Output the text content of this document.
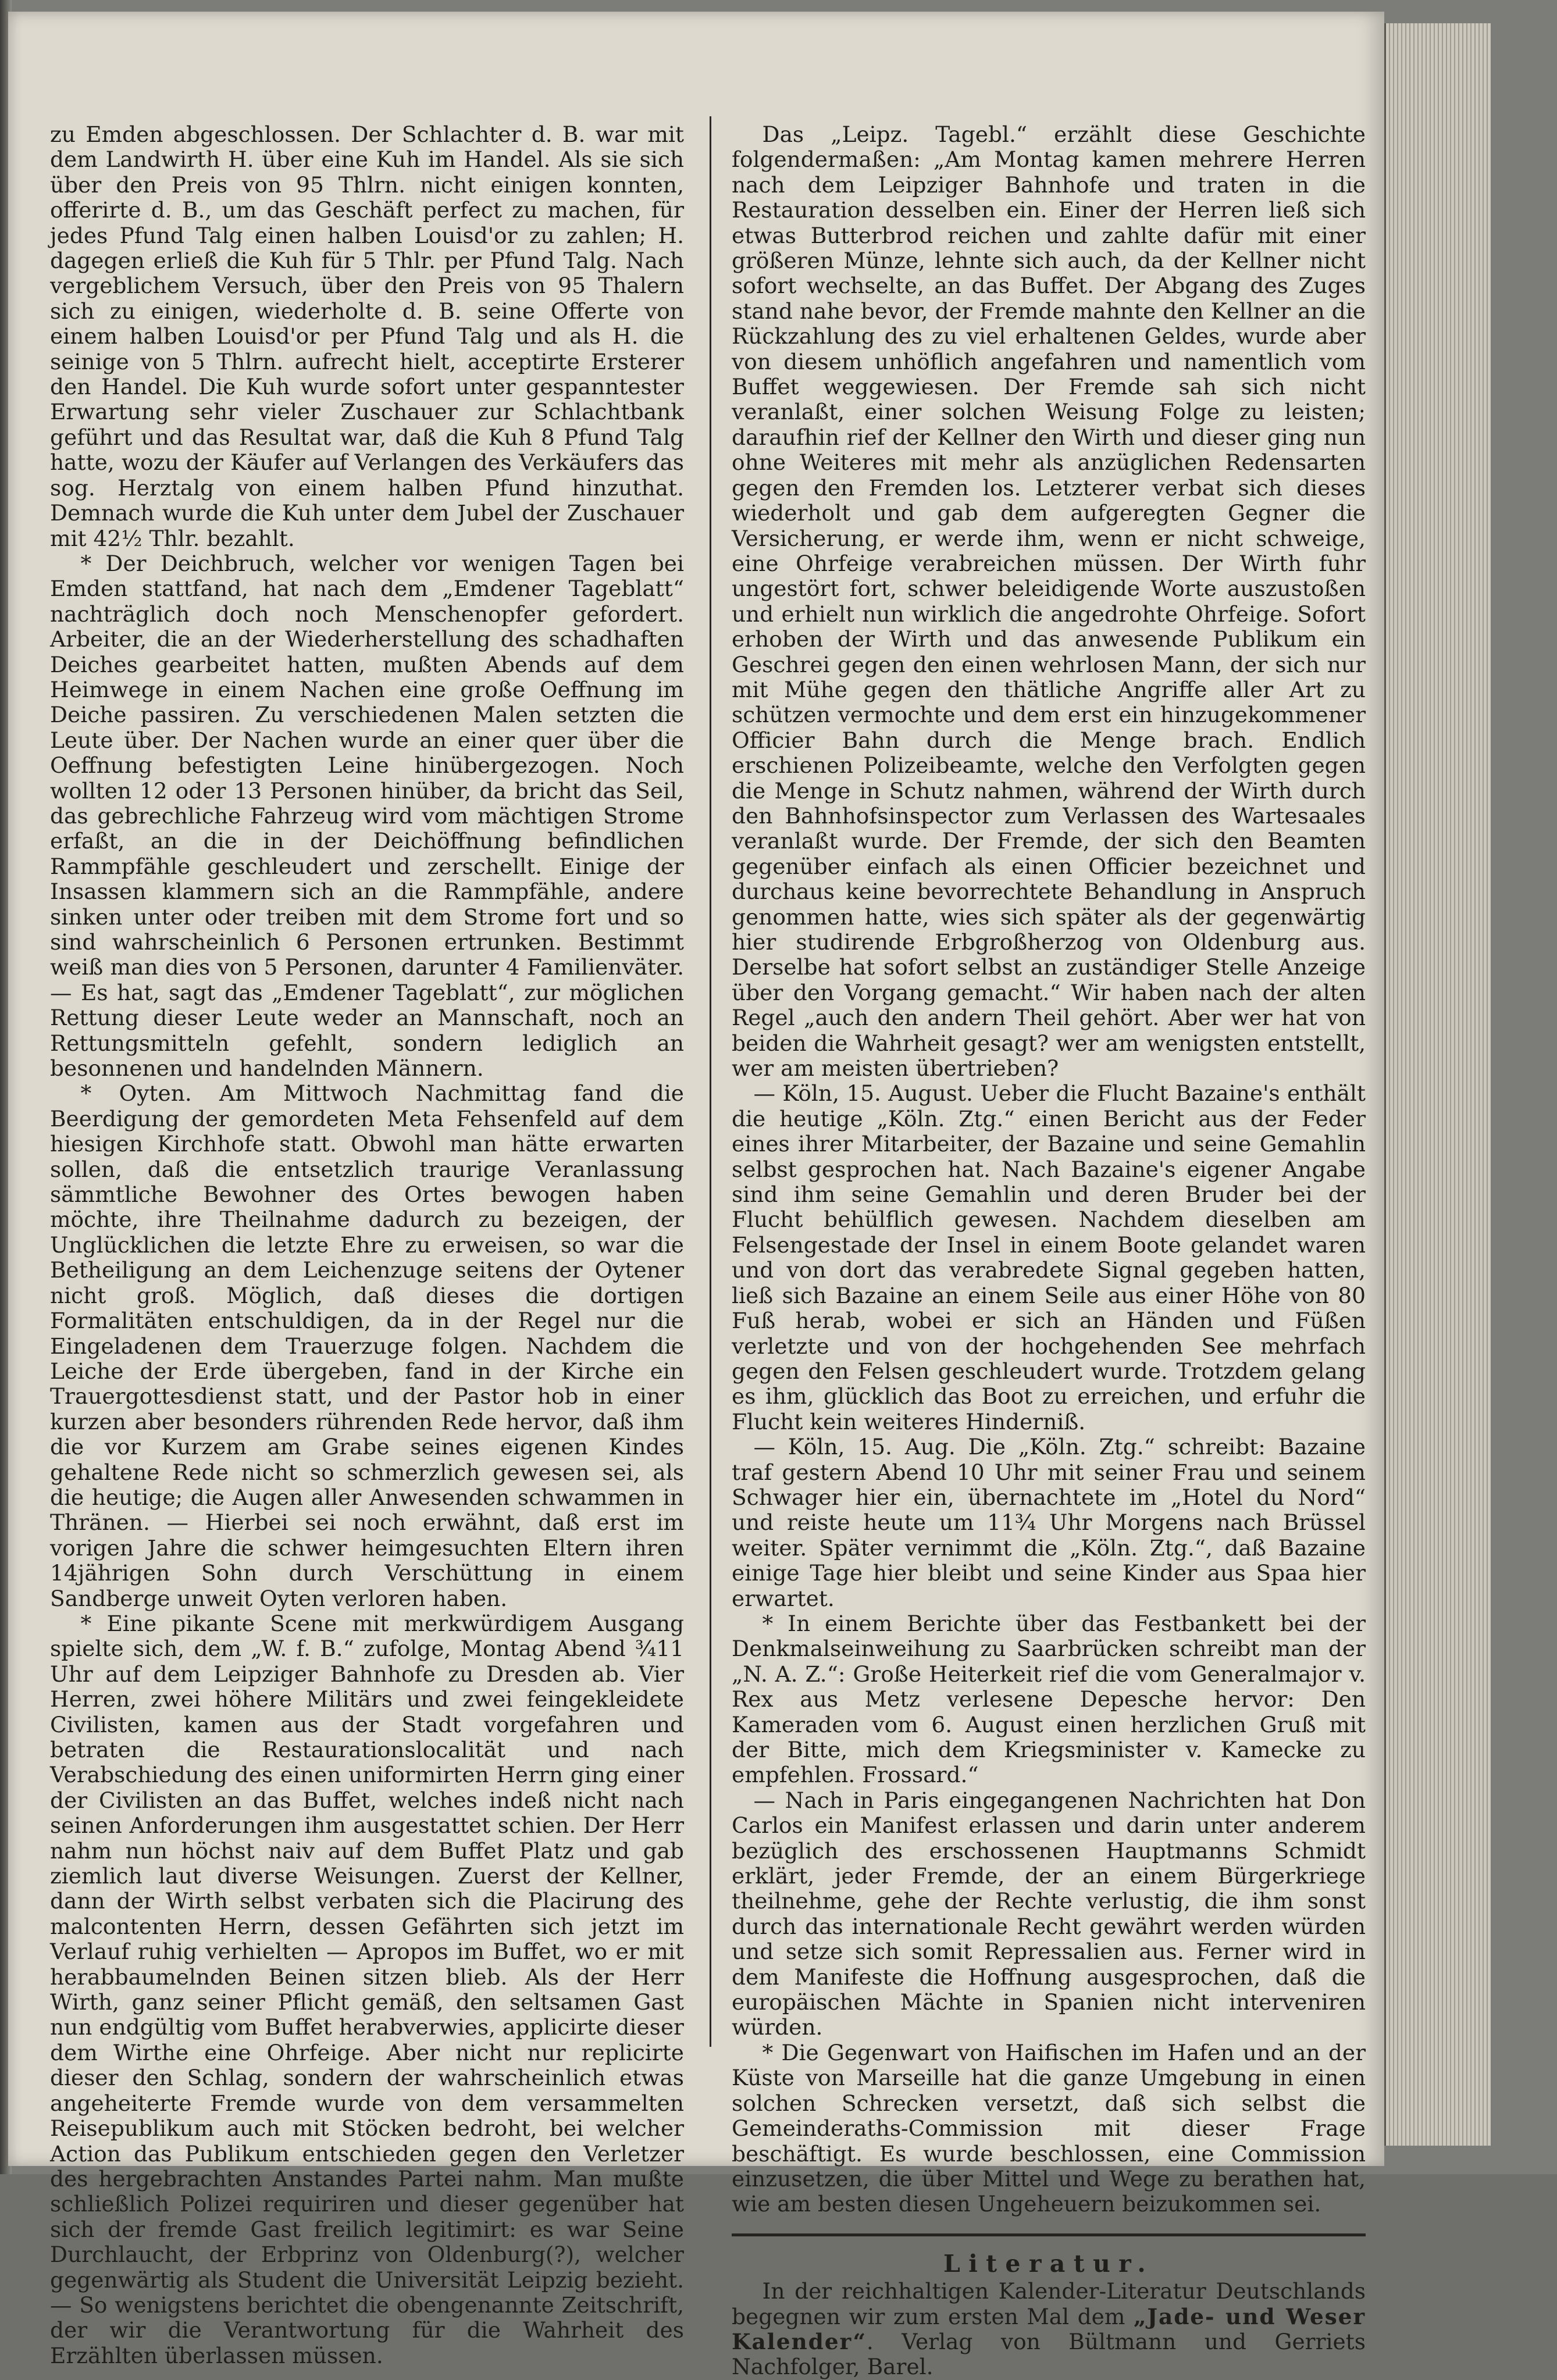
zu Emden abgeschlossen. Der Schlachter d. B. war mit dem Landwirth H. über eine Kuh im Handel. Als sie sich über den Preis von 95 Thlrn. nicht einigen konnten, offerirte d. B., um das Geschäft perfect zu machen, für jedes Pfund Talg einen halben Louisd'or zu zahlen; H. dagegen erließ die Kuh für 5 Thlr. per Pfund Talg. Nach vergeblichem Versuch, über den Preis von 95 Thalern sich zu einigen, wiederholte d. B. seine Offerte von einem halben Louisd'or per Pfund Talg und als H. die seinige von 5 Thlrn. aufrecht hielt, acceptirte Ersterer den Handel. Die Kuh wurde sofort unter gespanntester Erwartung sehr vieler Zuschauer zur Schlachtbank geführt und das Resultat war, daß die Kuh 8 Pfund Talg hatte, wozu der Käufer auf Verlangen des Verkäufers das sog. Herztalg von einem halben Pfund hinzuthat. Demnach wurde die Kuh unter dem Jubel der Zuschauer mit 42½ Thlr. bezahlt.

* Der Deichbruch, welcher vor wenigen Tagen bei Emden stattfand, hat nach dem „Emdener Tageblatt“ nachträglich doch noch Menschenopfer gefordert. Arbeiter, die an der Wiederherstellung des schadhaften Deiches gearbeitet hatten, mußten Abends auf dem Heimwege in einem Nachen eine große Oeffnung im Deiche passiren. Zu verschiedenen Malen setzten die Leute über. Der Nachen wurde an einer quer über die Oeffnung befestigten Leine hinübergezogen. Noch wollten 12 oder 13 Personen hinüber, da bricht das Seil, das gebrechliche Fahrzeug wird vom mächtigen Strome erfaßt, an die in der Deichöffnung befindlichen Rammpfähle geschleudert und zerschellt. Einige der Insassen klammern sich an die Rammpfähle, andere sinken unter oder treiben mit dem Strome fort und so sind wahrscheinlich 6 Personen ertrunken. Bestimmt weiß man dies von 5 Personen, darunter 4 Familienväter. — Es hat, sagt das „Emdener Tageblatt“, zur möglichen Rettung dieser Leute weder an Mannschaft, noch an Rettungsmitteln gefehlt, sondern lediglich an besonnenen und handelnden Männern.

* Oyten. Am Mittwoch Nachmittag fand die Beerdigung der gemordeten Meta Fehsenfeld auf dem hiesigen Kirchhofe statt. Obwohl man hätte erwarten sollen, daß die entsetzlich traurige Veranlassung sämmtliche Bewohner des Ortes bewogen haben möchte, ihre Theilnahme dadurch zu bezeigen, der Unglücklichen die letzte Ehre zu erweisen, so war die Betheiligung an dem Leichenzuge seitens der Oytener nicht groß. Möglich, daß dieses die dortigen Formalitäten entschuldigen, da in der Regel nur die Eingeladenen dem Trauerzuge folgen. Nachdem die Leiche der Erde übergeben, fand in der Kirche ein Trauergottesdienst statt, und der Pastor hob in einer kurzen aber besonders rührenden Rede hervor, daß ihm die vor Kurzem am Grabe seines eigenen Kindes gehaltene Rede nicht so schmerzlich gewesen sei, als die heutige; die Augen aller Anwesenden schwammen in Thränen. — Hierbei sei noch erwähnt, daß erst im vorigen Jahre die schwer heimgesuchten Eltern ihren 14jährigen Sohn durch Verschüttung in einem Sandberge unweit Oyten verloren haben.

* Eine pikante Scene mit merkwürdigem Ausgang spielte sich, dem „W. f. B.“ zufolge, Montag Abend ¾11 Uhr auf dem Leipziger Bahnhofe zu Dresden ab. Vier Herren, zwei höhere Militärs und zwei feingekleidete Civilisten, kamen aus der Stadt vorgefahren und betraten die Restaurationslocalität und nach Verabschiedung des einen uniformirten Herrn ging einer der Civilisten an das Buffet, welches indeß nicht nach seinen Anforderungen ihm ausgestattet schien. Der Herr nahm nun höchst naiv auf dem Buffet Platz und gab ziemlich laut diverse Weisungen. Zuerst der Kellner, dann der Wirth selbst verbaten sich die Placirung des malcontenten Herrn, dessen Gefährten sich jetzt im Verlauf ruhig verhielten — Apropos im Buffet, wo er mit herabbaumelnden Beinen sitzen blieb. Als der Herr Wirth, ganz seiner Pflicht gemäß, den seltsamen Gast nun endgültig vom Buffet herabverwies, applicirte dieser dem Wirthe eine Ohrfeige. Aber nicht nur replicirte dieser den Schlag, sondern der wahrscheinlich etwas angeheiterte Fremde wurde von dem versammelten Reisepublikum auch mit Stöcken bedroht, bei welcher Action das Publikum entschieden gegen den Verletzer des hergebrachten Anstandes Partei nahm. Man mußte schließlich Polizei requiriren und dieser gegenüber hat sich der fremde Gast freilich legitimirt: es war Seine Durchlaucht, der Erbprinz von Oldenburg(?), welcher gegenwärtig als Student die Universität Leipzig bezieht. — So wenigstens berichtet die obengenannte Zeitschrift, der wir die Verantwortung für die Wahrheit des Erzählten überlassen müssen.

Das „Leipz. Tagebl.“ erzählt diese Geschichte folgendermaßen: „Am Montag kamen mehrere Herren nach dem Leipziger Bahnhofe und traten in die Restauration desselben ein. Einer der Herren ließ sich etwas Butterbrod reichen und zahlte dafür mit einer größeren Münze, lehnte sich auch, da der Kellner nicht sofort wechselte, an das Buffet. Der Abgang des Zuges stand nahe bevor, der Fremde mahnte den Kellner an die Rückzahlung des zu viel erhaltenen Geldes, wurde aber von diesem unhöflich angefahren und namentlich vom Buffet weggewiesen. Der Fremde sah sich nicht veranlaßt, einer solchen Weisung Folge zu leisten; daraufhin rief der Kellner den Wirth und dieser ging nun ohne Weiteres mit mehr als anzüglichen Redensarten gegen den Fremden los. Letzterer verbat sich dieses wiederholt und gab dem aufgeregten Gegner die Versicherung, er werde ihm, wenn er nicht schweige, eine Ohrfeige verabreichen müssen. Der Wirth fuhr ungestört fort, schwer beleidigende Worte auszustoßen und erhielt nun wirklich die angedrohte Ohrfeige. Sofort erhoben der Wirth und das anwesende Publikum ein Geschrei gegen den einen wehrlosen Mann, der sich nur mit Mühe gegen den thätliche Angriffe aller Art zu schützen vermochte und dem erst ein hinzugekommener Officier Bahn durch die Menge brach. Endlich erschienen Polizeibeamte, welche den Verfolgten gegen die Menge in Schutz nahmen, während der Wirth durch den Bahnhofsinspector zum Verlassen des Wartesaales veranlaßt wurde. Der Fremde, der sich den Beamten gegenüber einfach als einen Officier bezeichnet und durchaus keine bevorrechtete Behandlung in Anspruch genommen hatte, wies sich später als der gegenwärtig hier studirende Erbgroßherzog von Oldenburg aus. Derselbe hat sofort selbst an zuständiger Stelle Anzeige über den Vorgang gemacht.“ Wir haben nach der alten Regel „auch den andern Theil gehört. Aber wer hat von beiden die Wahrheit gesagt? wer am wenigsten entstellt, wer am meisten übertrieben?

— Köln, 15. August. Ueber die Flucht Bazaine's enthält die heutige „Köln. Ztg.“ einen Bericht aus der Feder eines ihrer Mitarbeiter, der Bazaine und seine Gemahlin selbst gesprochen hat. Nach Bazaine's eigener Angabe sind ihm seine Gemahlin und deren Bruder bei der Flucht behülflich gewesen. Nachdem dieselben am Felsengestade der Insel in einem Boote gelandet waren und von dort das verabredete Signal gegeben hatten, ließ sich Bazaine an einem Seile aus einer Höhe von 80 Fuß herab, wobei er sich an Händen und Füßen verletzte und von der hochgehenden See mehrfach gegen den Felsen geschleudert wurde. Trotzdem gelang es ihm, glücklich das Boot zu erreichen, und erfuhr die Flucht kein weiteres Hinderniß.

— Köln, 15. Aug. Die „Köln. Ztg.“ schreibt: Bazaine traf gestern Abend 10 Uhr mit seiner Frau und seinem Schwager hier ein, übernachtete im „Hotel du Nord“ und reiste heute um 11¾ Uhr Morgens nach Brüssel weiter. Später vernimmt die „Köln. Ztg.“, daß Bazaine einige Tage hier bleibt und seine Kinder aus Spaa hier erwartet.

* In einem Berichte über das Festbankett bei der Denkmalseinweihung zu Saarbrücken schreibt man der „N. A. Z.“: Große Heiterkeit rief die vom Generalmajor v. Rex aus Metz verlesene Depesche hervor: Den Kameraden vom 6. August einen herzlichen Gruß mit der Bitte, mich dem Kriegsminister v. Kamecke zu empfehlen. Frossard.“

— Nach in Paris eingegangenen Nachrichten hat Don Carlos ein Manifest erlassen und darin unter anderem bezüglich des erschossenen Hauptmanns Schmidt erklärt, jeder Fremde, der an einem Bürgerkriege theilnehme, gehe der Rechte verlustig, die ihm sonst durch das internationale Recht gewährt werden würden und setze sich somit Repressalien aus. Ferner wird in dem Manifeste die Hoffnung ausgesprochen, daß die europäischen Mächte in Spanien nicht interveniren würden.

* Die Gegenwart von Haifischen im Hafen und an der Küste von Marseille hat die ganze Umgebung in einen solchen Schrecken versetzt, daß sich selbst die Gemeinderaths-Commission mit dieser Frage beschäftigt. Es wurde beschlossen, eine Commission einzusetzen, die über Mittel und Wege zu berathen hat, wie am besten diesen Ungeheuern beizukommen sei.

Literatur.

In der reichhaltigen Kalender-Literatur Deutschlands begegnen wir zum ersten Mal dem „Jade- und Weser Kalender“. Verlag von Bültmann und Gerriets Nachfolger, Barel.
